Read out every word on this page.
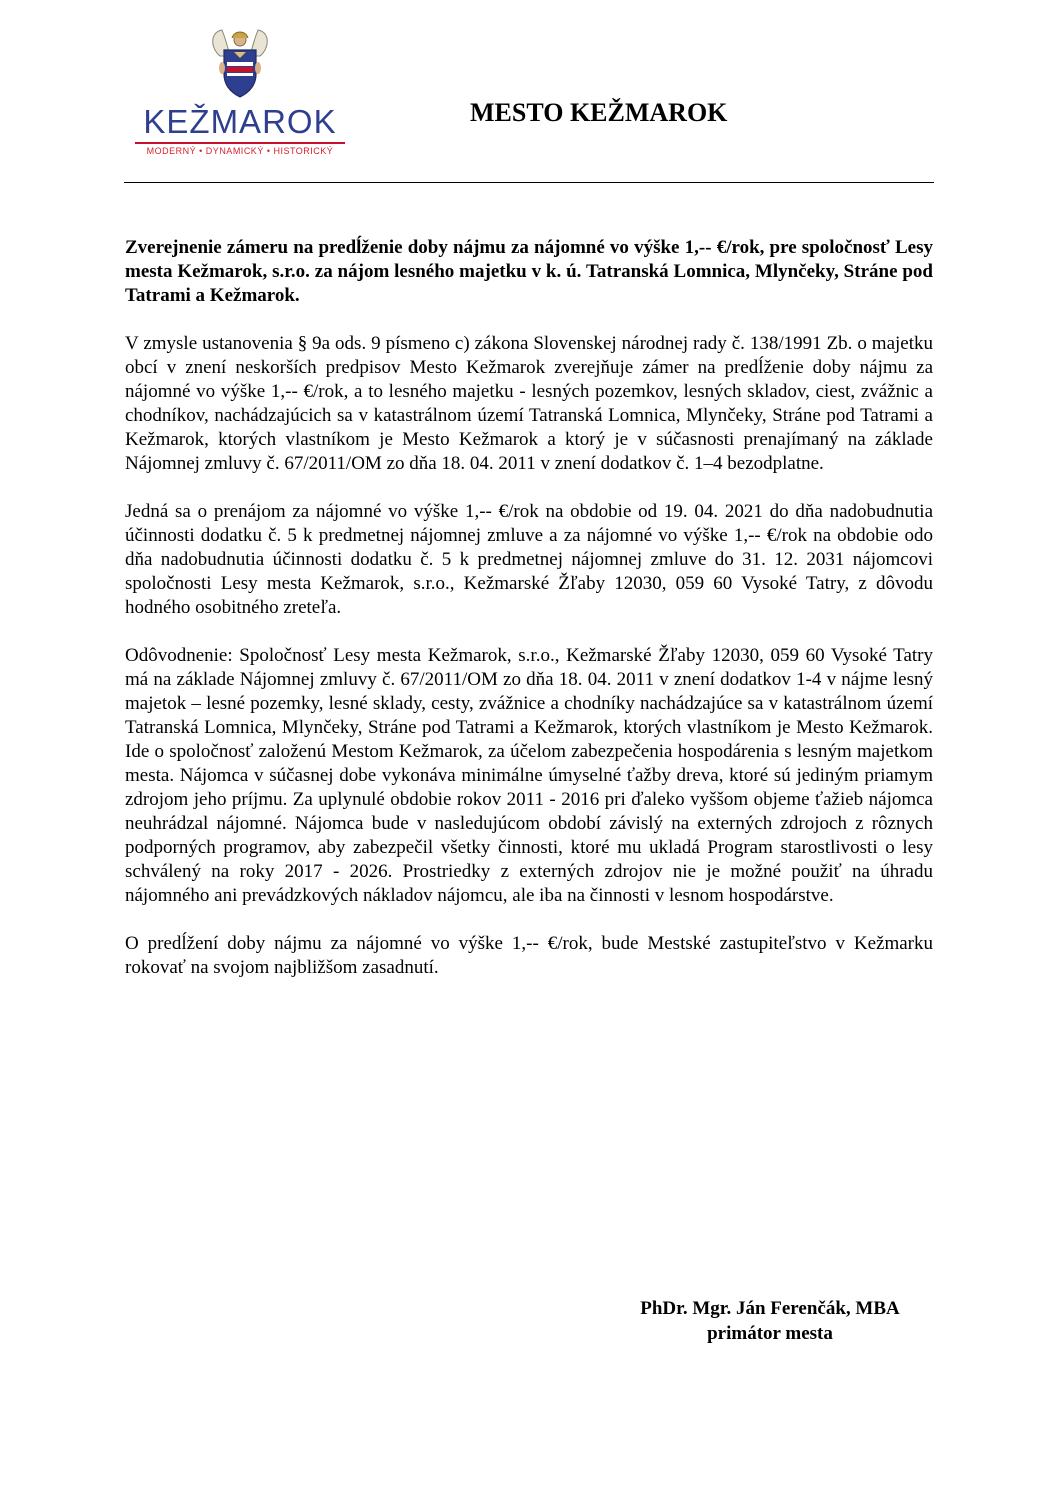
KEŽMAROK
MODERNÝ • DYNAMICKÝ • HISTORICKÝ
MESTO KEŽMAROK

Zverejnenie zámeru na predĺženie doby nájmu za nájomné vo výške 1,-- €/rok, pre spoločnosť Lesy mesta Kežmarok, s.r.o. za nájom lesného majetku v k. ú. Tatranská Lomnica, Mlynčeky, Stráne pod Tatrami a Kežmarok.

V zmysle ustanovenia § 9a ods. 9 písmeno c) zákona Slovenskej národnej rady č. 138/1991 Zb. o majetku obcí v znení neskorších predpisov Mesto Kežmarok zverejňuje zámer na predĺženie doby nájmu za nájomné vo výške 1,-- €/rok, a to lesného majetku - lesných pozemkov, lesných skladov, ciest, zvážnic a chodníkov, nachádzajúcich sa v katastrálnom území Tatranská Lomnica, Mlynčeky, Stráne pod Tatrami a Kežmarok, ktorých vlastníkom je Mesto Kežmarok a ktorý je v súčasnosti prenajímaný na základe Nájomnej zmluvy č. 67/2011/OM zo dňa 18. 04. 2011 v znení dodatkov č. 1–4 bezodplatne.

Jedná sa o prenájom za nájomné vo výške 1,-- €/rok na obdobie od 19. 04. 2021 do dňa nadobudnutia účinnosti dodatku č. 5 k predmetnej nájomnej zmluve a za nájomné vo výške 1,-- €/rok na obdobie odo dňa nadobudnutia účinnosti dodatku č. 5 k predmetnej nájomnej zmluve do 31. 12. 2031 nájomcovi spoločnosti Lesy mesta Kežmarok, s.r.o., Kežmarské Žľaby 12030, 059 60 Vysoké Tatry, z dôvodu hodného osobitného zreteľa.

Odôvodnenie: Spoločnosť Lesy mesta Kežmarok, s.r.o., Kežmarské Žľaby 12030, 059 60 Vysoké Tatry má na základe Nájomnej zmluvy č. 67/2011/OM zo dňa 18. 04. 2011 v znení dodatkov 1-4 v nájme lesný majetok – lesné pozemky, lesné sklady, cesty, zvážnice a chodníky nachádzajúce sa v katastrálnom území Tatranská Lomnica, Mlynčeky, Stráne pod Tatrami a Kežmarok, ktorých vlastníkom je Mesto Kežmarok. Ide o spoločnosť založenú Mestom Kežmarok, za účelom zabezpečenia hospodárenia s lesným majetkom mesta. Nájomca v súčasnej dobe vykonáva minimálne úmyselné ťažby dreva, ktoré sú jediným priamym zdrojom jeho príjmu. Za uplynulé obdobie rokov 2011 - 2016 pri ďaleko vyššom objeme ťažieb nájomca neuhrádzal nájomné. Nájomca bude v nasledujúcom období závislý na externých zdrojoch z rôznych podporných programov, aby zabezpečil všetky činnosti, ktoré mu ukladá Program starostlivosti o lesy schválený na roky 2017 - 2026. Prostriedky z externých zdrojov nie je možné použiť na úhradu nájomného ani prevádzkových nákladov nájomcu, ale iba na činnosti v lesnom hospodárstve.

O predĺžení doby nájmu za nájomné vo výške 1,-- €/rok, bude Mestské zastupiteľstvo v Kežmarku rokovať na svojom najbližšom zasadnutí.

PhDr. Mgr. Ján Ferenčák, MBA
primátor mesta
